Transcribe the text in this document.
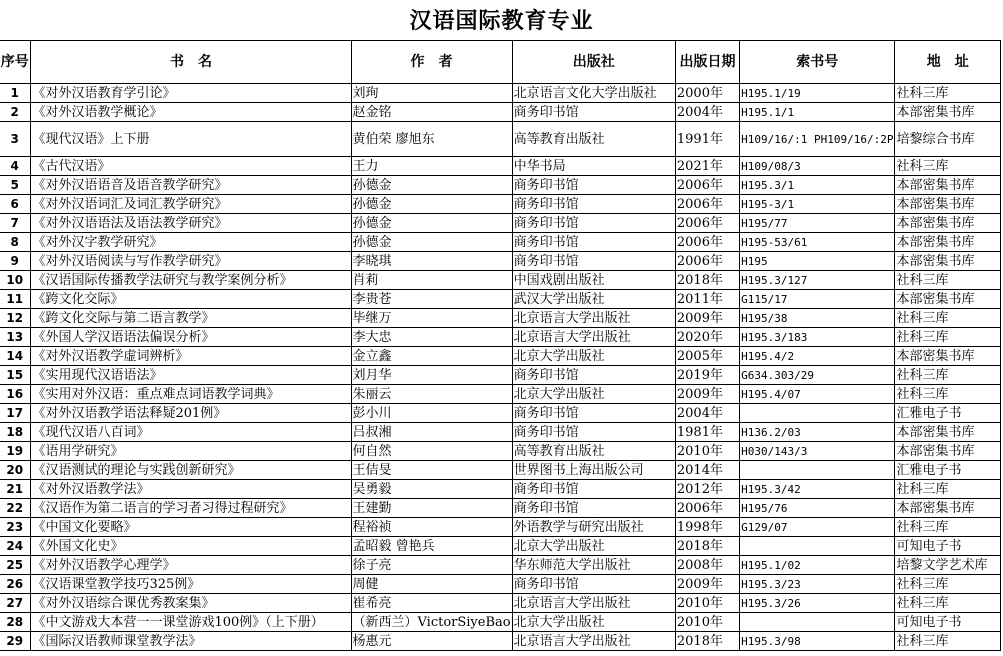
汉语国际教育专业
序号	书　名	作　者	出版社	出版日期	索书号	地　址
1	《对外汉语教育学引论》	刘珣	北京语言文化大学出版社	2000年	H195.1/19	社科三库
2	《对外汉语教学概论》	赵金铭	商务印书馆	2004年	H195.1/1	本部密集书库
3	《现代汉语》上下册	黄伯荣 廖旭东	高等教育出版社	1991年	H109/16/:1 PH109/16/:2P	培黎综合书库
4	《古代汉语》	王力	中华书局	2021年	H109/08/3	社科三库
5	《对外汉语语音及语音教学研究》	孙德金	商务印书馆	2006年	H195.3/1	本部密集书库
6	《对外汉语词汇及词汇教学研究》	孙德金	商务印书馆	2006年	H195-3/1	本部密集书库
7	《对外汉语语法及语法教学研究》	孙德金	商务印书馆	2006年	H195/77	本部密集书库
8	《对外汉字教学研究》	孙德金	商务印书馆	2006年	H195-53/61	本部密集书库
9	《对外汉语阅读与写作教学研究》	李晓琪	商务印书馆	2006年	H195	本部密集书库
10	《汉语国际传播教学法研究与教学案例分析》	肖莉	中国戏剧出版社	2018年	H195.3/127	社科三库
11	《跨文化交际》	李贵苍	武汉大学出版社	2011年	G115/17	本部密集书库
12	《跨文化交际与第二语言教学》	毕继万	北京语言大学出版社	2009年	H195/38	社科三库
13	《外国人学汉语语法偏误分析》	李大忠	北京语言大学出版社	2020年	H195.3/183	社科三库
14	《对外汉语教学虚词辨析》	金立鑫	北京大学出版社	2005年	H195.4/2	本部密集书库
15	《实用现代汉语语法》	刘月华	商务印书馆	2019年	G634.303/29	社科三库
16	《实用对外汉语：重点难点词语教学词典》	朱丽云	北京大学出版社	2009年	H195.4/07	社科三库
17	《对外汉语教学语法释疑201例》	彭小川	商务印书馆	2004年		汇雅电子书
18	《现代汉语八百词》	吕叔湘	商务印书馆	1981年	H136.2/03	本部密集书库
19	《语用学研究》	何自然	高等教育出版社	2010年	H030/143/3	本部密集书库
20	《汉语测试的理论与实践创新研究》	王佶旻	世界图书上海出版公司	2014年		汇雅电子书
21	《对外汉语教学法》	吴勇毅	商务印书馆	2012年	H195.3/42	社科三库
22	《汉语作为第二语言的学习者习得过程研究》	王建勤	商务印书馆	2006年	H195/76	本部密集书库
23	《中国文化要略》	程裕祯	外语教学与研究出版社	1998年	G129/07	社科三库
24	《外国文化史》	孟昭毅 曾艳兵	北京大学出版社	2018年		可知电子书
25	《对外汉语教学心理学》	徐子亮	华东师范大学出版社	2008年	H195.1/02	培黎文学艺术库
26	《汉语课堂教学技巧325例》	周健	商务印书馆	2009年	H195.3/23	社科三库
27	《对外汉语综合课优秀教案集》	崔希亮	北京语言大学出版社	2010年	H195.3/26	社科三库
28	《中文游戏大本营一一课堂游戏100例》（上下册）	（新西兰）VictorSiyeBao	北京大学出版社	2010年		可知电子书
29	《国际汉语教师课堂教学法》	杨惠元	北京语言大学出版社	2018年	H195.3/98	社科三库
